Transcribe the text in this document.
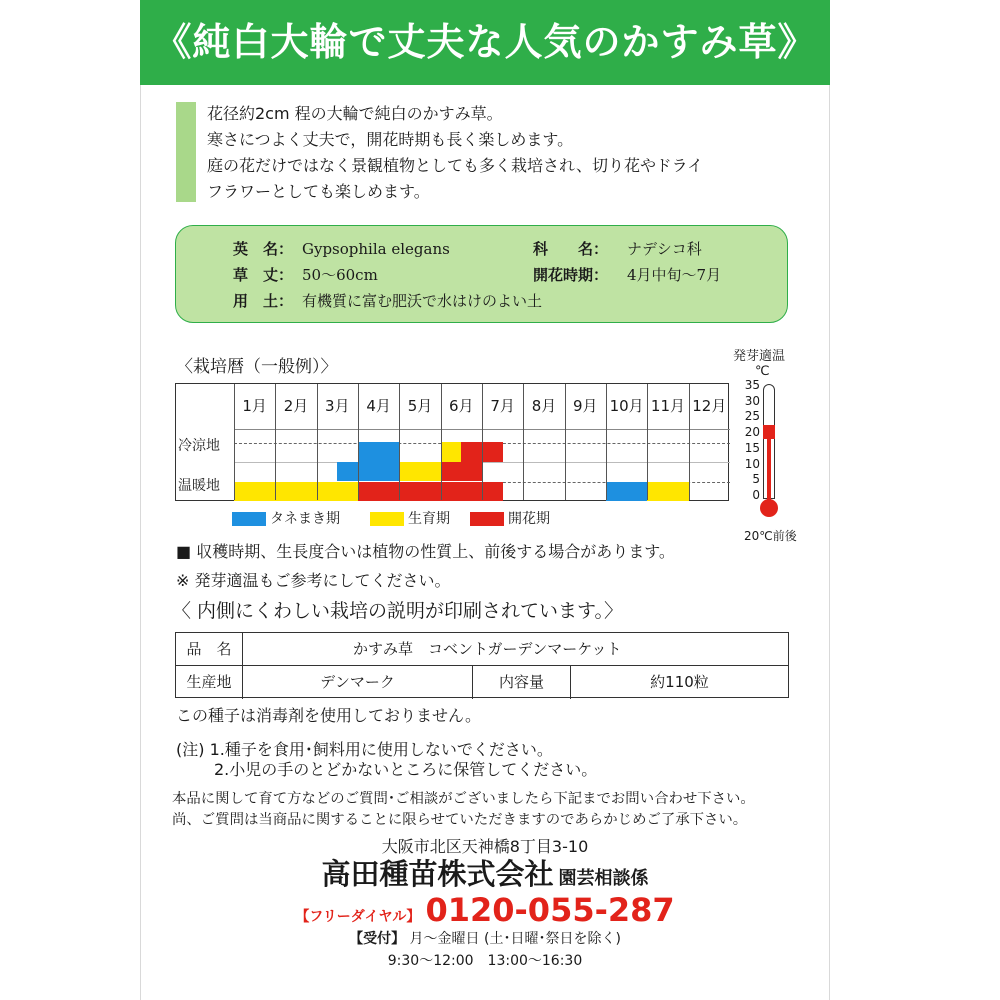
《純白大輪で丈夫な人気のかすみ草》
花径約2cm 程の大輪で純白のかすみ草。
寒さにつよく丈夫で，開花時期も長く楽しめます。
庭の花だけではなく景観植物としても多く栽培され、切り花やドライ
フラワーとしても楽しめます。
英　名： Gypsophila elegans	科　　名： ナデシコ科
草　丈： 50～60cm	開花時期： 4月中旬～7月
用　土： 有機質に富む肥沃で水はけのよい土
〈栽培暦（一般例）〉
発芽適温
℃
冷涼地
温暖地
1月	2月	3月	4月	5月	6月	7月	8月	9月 10月 11月 12月
タネまき期	生育期	開花期
35
30
25
20
15
10
5
0
20℃前後
■ 収穫時期、生長度合いは植物の性質上、前後する場合があります。
※ 発芽適温もご参考にしてください。
〈 内側にくわしい栽培の説明が印刷されています。〉
品　名	かすみ草　コベントガーデンマーケット
生産地	デンマーク	内容量	約110粒
この種子は消毒剤を使用しておりません。
(注) 1.種子を食用･飼料用に使用しないでください。
2.小児の手のとどかないところに保管してください。
本品に関して育て方などのご質問･ご相談がございましたら下記までお問い合わせ下さい。
尚、ご質問は当商品に関することに限らせていただきますのであらかじめご了承下さい。
大阪市北区天神橋8丁目3-10
高田種苗株式会社 園芸相談係
【フリーダイヤル】 0120-055-287
【受付】 月～金曜日 (土･日曜･祭日を除く)
9:30～12:00　13:00～16:30
